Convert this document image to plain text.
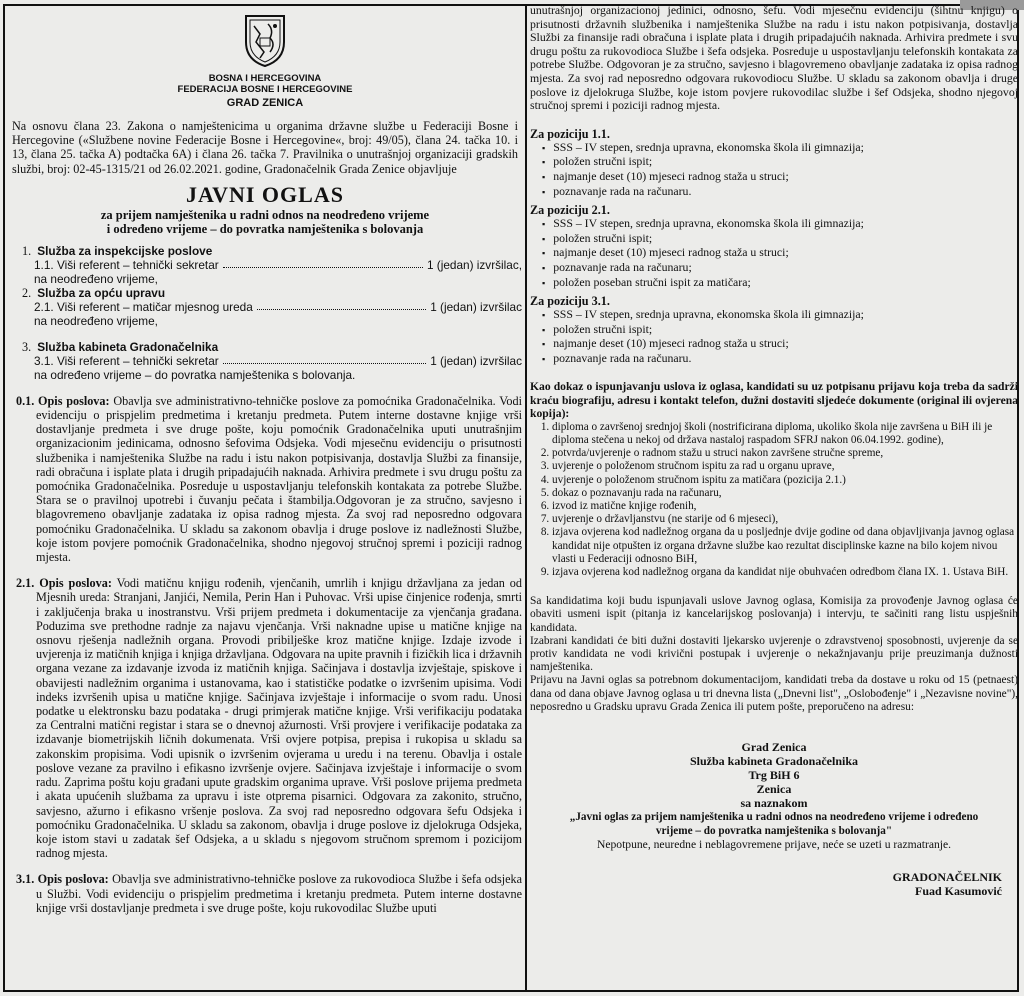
BOSNA I HERCEGOVINA
FEDERACIJA BOSNE I HERCEGOVINE
GRAD ZENICA

Na osnovu člana 23. Zakona o namještenicima u organima državne službe u Federaciji Bosne i Hercegovine («Službene novine Federacije Bosne i Hercegovine«, broj: 49/05), člana 24. tačka 10. i 13, člana 25. tačka A) podtačka 6A) i člana 26. tačka 7. Pravilnika o unutrašnjoj organizaciji gradskih službi, broj: 02-45-1315/21 od 26.02.2021. godine, Gradonačelnik Grada Zenice objavljuje

JAVNI OGLAS
za prijem namještenika u radni odnos na neodređeno vrijeme
i određeno vrijeme – do povratka namještenika s bolovanja
1. Služba za inspekcijske poslove
1.1. Viši referent – tehnički sekretar	1 (jedan) izvršilac,
na neodređeno vrijeme,
2. Služba za opću upravu
2.1. Viši referent – matičar mjesnog ureda	1 (jedan) izvršilac
na neodređeno vrijeme,
3. Služba kabineta Gradonačelnika
3.1. Viši referent – tehnički sekretar	1 (jedan) izvršilac
na određeno vrijeme – do povratka namještenika s bolovanja.

0.1. Opis poslova: Obavlja sve administrativno-tehničke poslove za pomoćnika Gradonačelnika. Vodi evidenciju o prispjelim predmetima i kretanju predmeta. Putem interne dostavne knjige vrši dostavljanje predmeta i sve druge pošte, koju pomoćnik Gradonačelnika uputi unutrašnjim organizacionim jedinicama, odnosno šefovima Odsjeka. Vodi mjesečnu evidenciju o prisutnosti službenika i namještenika Službe na radu i istu nakon potpisivanja, dostavlja Službi za finansije, radi obračuna i isplate plata i drugih pripadajućih naknada. Arhivira predmete i svu drugu poštu za pomoćnika Gradonačelnika. Posreduje u uspostavljanju telefonskih kontakata za potrebe Službe. Stara se o pravilnoj upotrebi i čuvanju pečata i štambilja.Odgovoran je za stručno, savjesno i blagovremeno obavljanje zadataka iz opisa radnog mjesta. Za svoj rad neposredno odgovara pomoćniku Gradonačelnika. U skladu sa zakonom obavlja i druge poslove iz nadležnosti Službe, koje istom povjere pomoćnik Gradonačelnika, shodno njegovoj stručnoj spremi i poziciji radnog mjesta.

2.1. Opis poslova: Vodi matičnu knjigu rođenih, vjenčanih, umrlih i knjigu državljana za jedan od Mjesnih ureda: Stranjani, Janjići, Nemila, Perin Han i Puhovac. Vrši upise činjenice rođenja, smrti i zaključenja braka u inostranstvu. Vrši prijem predmeta i dokumentacije za vjenčanja građana. Poduzima sve prethodne radnje za najavu vjenčanja. Vrši naknadne upise u matične knjige na osnovu rješenja nadležnih organa. Provodi pribilješke kroz matične knjige. Izdaje izvode i uvjerenja iz matičnih knjiga i knjiga državljana. Odgovara na upite pravnih i fizičkih lica i državnih organa vezane za izdavanje izvoda iz matičnih knjiga. Sačinjava i dostavlja izvještaje, spiskove i obavijesti nadležnim organima i ustanovama, kao i statističke podatke o izvršenim upisima. Vodi indeks izvršenih upisa u matične knjige. Sačinjava izvještaje i informacije o svom radu. Unosi podatke u elektronsku bazu podataka - drugi primjerak matične knjige. Vrši verifikaciju podataka za Centralni matični registar i stara se o dnevnoj ažurnosti. Vrši provjere i verifikacije podataka za izdavanje biometrijskih ličnih dokumenata. Vrši ovjere potpisa, prepisa i rukopisa u skladu sa zakonskim propisima. Vodi upisnik o izvršenim ovjerama u uredu i na terenu. Obavlja i ostale poslove vezane za pravilno i efikasno izvršenje ovjere. Sačinjava izvještaje i informacije o svom radu. Zaprima poštu koju građani upute gradskim organima uprave. Vrši poslove prijema predmeta i akata upućenih službama za upravu i iste otprema pisarnici. Odgovara za zakonito, stručno, savjesno, ažurno i efikasno vršenje poslova. Za svoj rad neposredno odgovara šefu Odsjeka i pomoćniku Gradonačelnika. U skladu sa zakonom, obavlja i druge poslove iz djelokruga Odsjeka, koje istom stavi u zadatak šef Odsjeka, a u skladu s njegovom stručnom spremom i pozicijom radnog mjesta.

3.1. Opis poslova: Obavlja sve administrativno-tehničke poslove za rukovodioca Službe i šefa odsjeka u Službi. Vodi evidenciju o prispjelim predmetima i kretanju predmeta. Putem interne dostavne knjige vrši dostavljanje predmeta i sve druge pošte, koju rukovodilac Službe uputi

unutrašnjoj organizacionoj jedinici, odnosno, šefu. Vodi mjesečnu evidenciju (šihtnu knjigu) o prisutnosti državnih službenika i namještenika Službe na radu i istu nakon potpisivanja, dostavlja Službi za finansije radi obračuna i isplate plata i drugih pripadajućih naknada. Arhivira predmete i svu drugu poštu za rukovodioca Službe i šefa odsjeka. Posreduje u uspostavljanju telefonskih kontakata za potrebe Službe. Odgovoran je za stručno, savjesno i blagovremeno obavljanje zadataka iz opisa radnog mjesta. Za svoj rad neposredno odgovara rukovodiocu Službe. U skladu sa zakonom obavlja i druge poslove iz djelokruga Službe, koje istom povjere rukovodilac službe i šef Odsjeka, shodno njegovoj stručnoj spremi i poziciji radnog mjesta.

Za poziciju 1.1.
▪ SSS – IV stepen, srednja upravna, ekonomska škola ili gimnazija;
▪ položen stručni ispit;
▪ najmanje deset (10) mjeseci radnog staža u struci;
▪ poznavanje rada na računaru.
Za poziciju 2.1.
▪ SSS – IV stepen, srednja upravna, ekonomska škola ili gimnazija;
▪ položen stručni ispit;
▪ najmanje deset (10) mjeseci radnog staža u struci;
▪ poznavanje rada na računaru;
▪ položen poseban stručni ispit za matičara;
Za poziciju 3.1.
▪ SSS – IV stepen, srednja upravna, ekonomska škola ili gimnazija;
▪ položen stručni ispit;
▪ najmanje deset (10) mjeseci radnog staža u struci;
▪ poznavanje rada na računaru.

Kao dokaz o ispunjavanju uslova iz oglasa, kandidati su uz potpisanu prijavu koja treba da sadrži kraću biografiju, adresu i kontakt telefon, dužni dostaviti sljedeće dokumente (original ili ovjerena kopija):

1. diploma o završenoj srednjoj školi (nostrificirana diploma, ukoliko škola nije završena u BiH ili je diploma stečena u nekoj od država nastaloj raspadom SFRJ nakon 06.04.1992. godine),
2. potvrda/uvjerenje o radnom stažu u struci nakon završene stručne spreme,
3. uvjerenje o položenom stručnom ispitu za rad u organu uprave,
4. uvjerenje o položenom stručnom ispitu za matičara (pozicija 2.1.)
5. dokaz o poznavanju rada na računaru,
6. izvod iz matične knjige rođenih,
7. uvjerenje o državljanstvu (ne starije od 6 mjeseci),
8. izjava ovjerena kod nadležnog organa da u posljednje dvije godine od dana objavljivanja javnog oglasa kandidat nije otpušten iz organa državne službe kao rezultat disciplinske kazne na bilo kojem nivou vlasti u Federaciji odnosno BiH,
9. izjava ovjerena kod nadležnog organa da kandidat nije obuhvaćen odredbom člana IX. 1. Ustava BiH.

Sa kandidatima koji budu ispunjavali uslove Javnog oglasa, Komisija za provođenje Javnog oglasa će obaviti usmeni ispit (pitanja iz kancelarijskog poslovanja) i intervju, te sačiniti rang listu uspješnih kandidata.

Izabrani kandidati će biti dužni dostaviti ljekarsko uvjerenje o zdravstvenoj sposobnosti, uvjerenje da se protiv kandidata ne vodi krivični postupak i uvjerenje o nekažnjavanju prije preuzimanja dužnosti namještenika.

Prijavu na Javni oglas sa potrebnom dokumentacijom, kandidati treba da dostave u roku od 15 (petnaest) dana od dana objave Javnog oglasa u tri dnevna lista („Dnevni list", „Oslobođenje" i „Nezavisne novine"), neposredno u Gradsku upravu Grada Zenica ili putem pošte, preporučeno na adresu:

Grad Zenica
Služba kabineta Gradonačelnika
Trg BiH 6
Zenica
sa naznakom
„Javni oglas za prijem namještenika u radni odnos na neodređeno vrijeme i određeno
vrijeme – do povratka namještenika s bolovanja"
Nepotpune, neuredne i neblagovremene prijave, neće se uzeti u razmatranje.
GRADONAČELNIK
Fuad Kasumović
